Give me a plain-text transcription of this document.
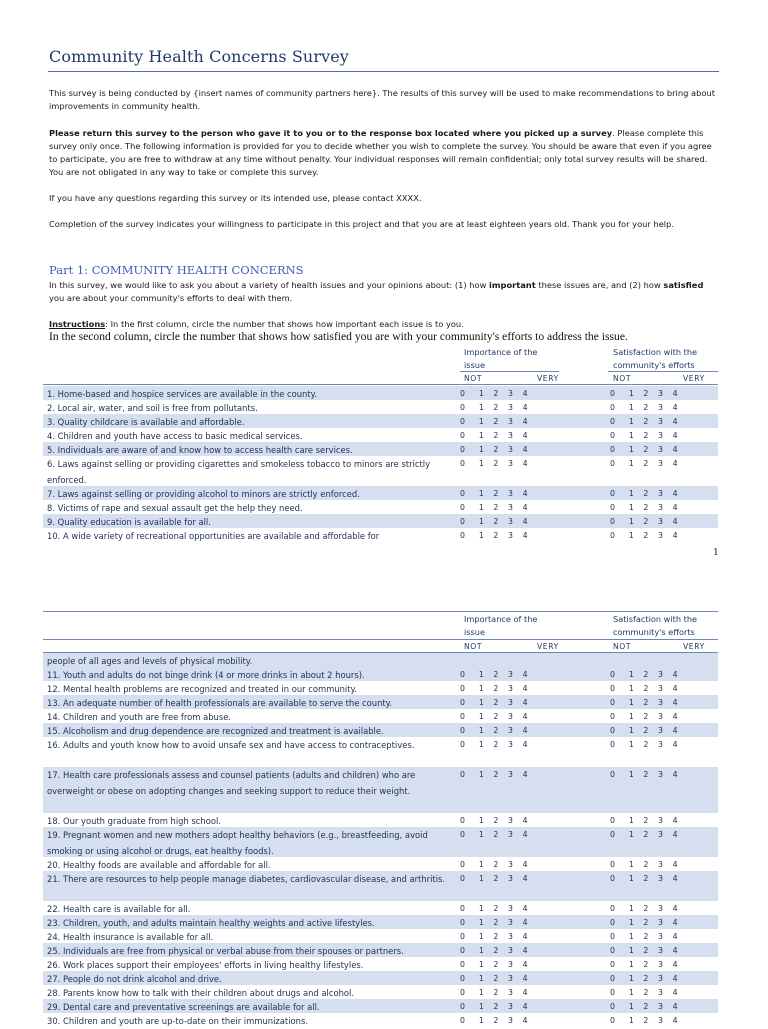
Community Health Concerns Survey
This survey is being conducted by {insert names of community partners here}. The results of this survey will be used to make recommendations to bring about improvements in community health.
Please return this survey to the person who gave it to you or to the response box located where you picked up a survey. Please complete this survey only once. The following information is provided for you to decide whether you wish to complete the survey. You should be aware that even if you agree to participate, you are free to withdraw at any time without penalty. Your individual responses will remain confidential; only total survey results will be shared. You are not obligated in any way to take or complete this survey.
If you have any questions regarding this survey or its intended use, please contact XXXX.
Completion of the survey indicates your willingness to participate in this project and that you are at least eighteen years old. Thank you for your help.
Part 1: COMMUNITY HEALTH CONCERNS
In this survey, we would like to ask you about a variety of health issues and your opinions about: (1) how important these issues are, and (2) how satisfied you are about your community's efforts to deal with them.
Instructions: In the first column, circle the number that shows how important each issue is to you.
In the second column, circle the number that shows how satisfied you are with your community's efforts to address the issue.
Importance of the issue
Satisfaction with the community's efforts
NOT	VERY	NOT	VERY
1. Home-based and hospice services are available in the county.	0	1	2	3	4	0	1	2	3	4
2. Local air, water, and soil is free from pollutants.	0	1	2	3	4	0	1	2	3	4
3. Quality childcare is available and affordable.	0	1	2	3	4	0	1	2	3	4
4. Children and youth have access to basic medical services.	0	1	2	3	4	0	1	2	3	4
5. Individuals are aware of and know how to access health care services.	0	1	2	3	4	0	1	2	3	4
6. Laws against selling or providing cigarettes and smokeless tobacco to minors are strictly enforced.
0	1	2	3	4	0	1	2	3	4
7. Laws against selling or providing alcohol to minors are strictly enforced.	0	1	2	3	4	0	1	2	3	4
8. Victims of rape and sexual assault get the help they need.	0	1	2	3	4	0	1	2	3	4
9. Quality education is available for all.	0	1	2	3	4	0	1	2	3	4
10. A wide variety of recreational opportunities are available and affordable for	0	1	2	3	4	0	1	2	3	4
1
Importance of the issue
Satisfaction with the community's efforts
NOT	VERY	NOT	VERY
people of all ages and levels of physical mobility.
11. Youth and adults do not binge drink (4 or more drinks in about 2 hours).	0	1	2	3	4	0	1	2	3	4
12. Mental health problems are recognized and treated in our community.	0	1	2	3	4	0	1	2	3	4
13. An adequate number of health professionals are available to serve the county.	0	1	2	3	4	0	1	2	3	4
14. Children and youth are free from abuse.	0	1	2	3	4	0	1	2	3	4
15. Alcoholism and drug dependence are recognized and treatment is available.	0	1	2	3	4	0	1	2	3	4
16. Adults and youth know how to avoid unsafe sex and have access to contraceptives.	0	1	2	3	4	0	1	2	3	4
17. Health care professionals assess and counsel patients (adults and children) who are overweight or obese on adopting changes and seeking support to reduce their weight.
0	1	2	3	4	0	1	2	3	4
18. Our youth graduate from high school.	0	1	2	3	4	0	1	2	3	4
19. Pregnant women and new mothers adopt healthy behaviors (e.g., breastfeeding, avoid smoking or using alcohol or drugs, eat healthy foods).
0	1	2	3	4	0	1	2	3	4
20. Healthy foods are available and affordable for all.	0	1	2	3	4	0	1	2	3	4
21. There are resources to help people manage diabetes, cardiovascular disease, and arthritis. 0	1	2	3	4	0	1	2	3	4
22. Health care is available for all.	0	1	2	3	4	0	1	2	3	4
23. Children, youth, and adults maintain healthy weights and active lifestyles.	0	1	2	3	4	0	1	2	3	4
24. Health insurance is available for all.	0	1	2	3	4	0	1	2	3	4
25. Individuals are free from physical or verbal abuse from their spouses or partners.	0	1	2	3	4	0	1	2	3	4
26. Work places support their employees' efforts in living healthy lifestyles.	0	1	2	3	4	0	1	2	3	4
27. People do not drink alcohol and drive.	0	1	2	3	4	0	1	2	3	4
28. Parents know how to talk with their children about drugs and alcohol.	0	1	2	3	4	0	1	2	3	4
29. Dental care and preventative screenings are available for all.	0	1	2	3	4	0	1	2	3	4
30. Children and youth are up-to-date on their immunizations.	0	1	2	3	4	0	1	2	3	4
